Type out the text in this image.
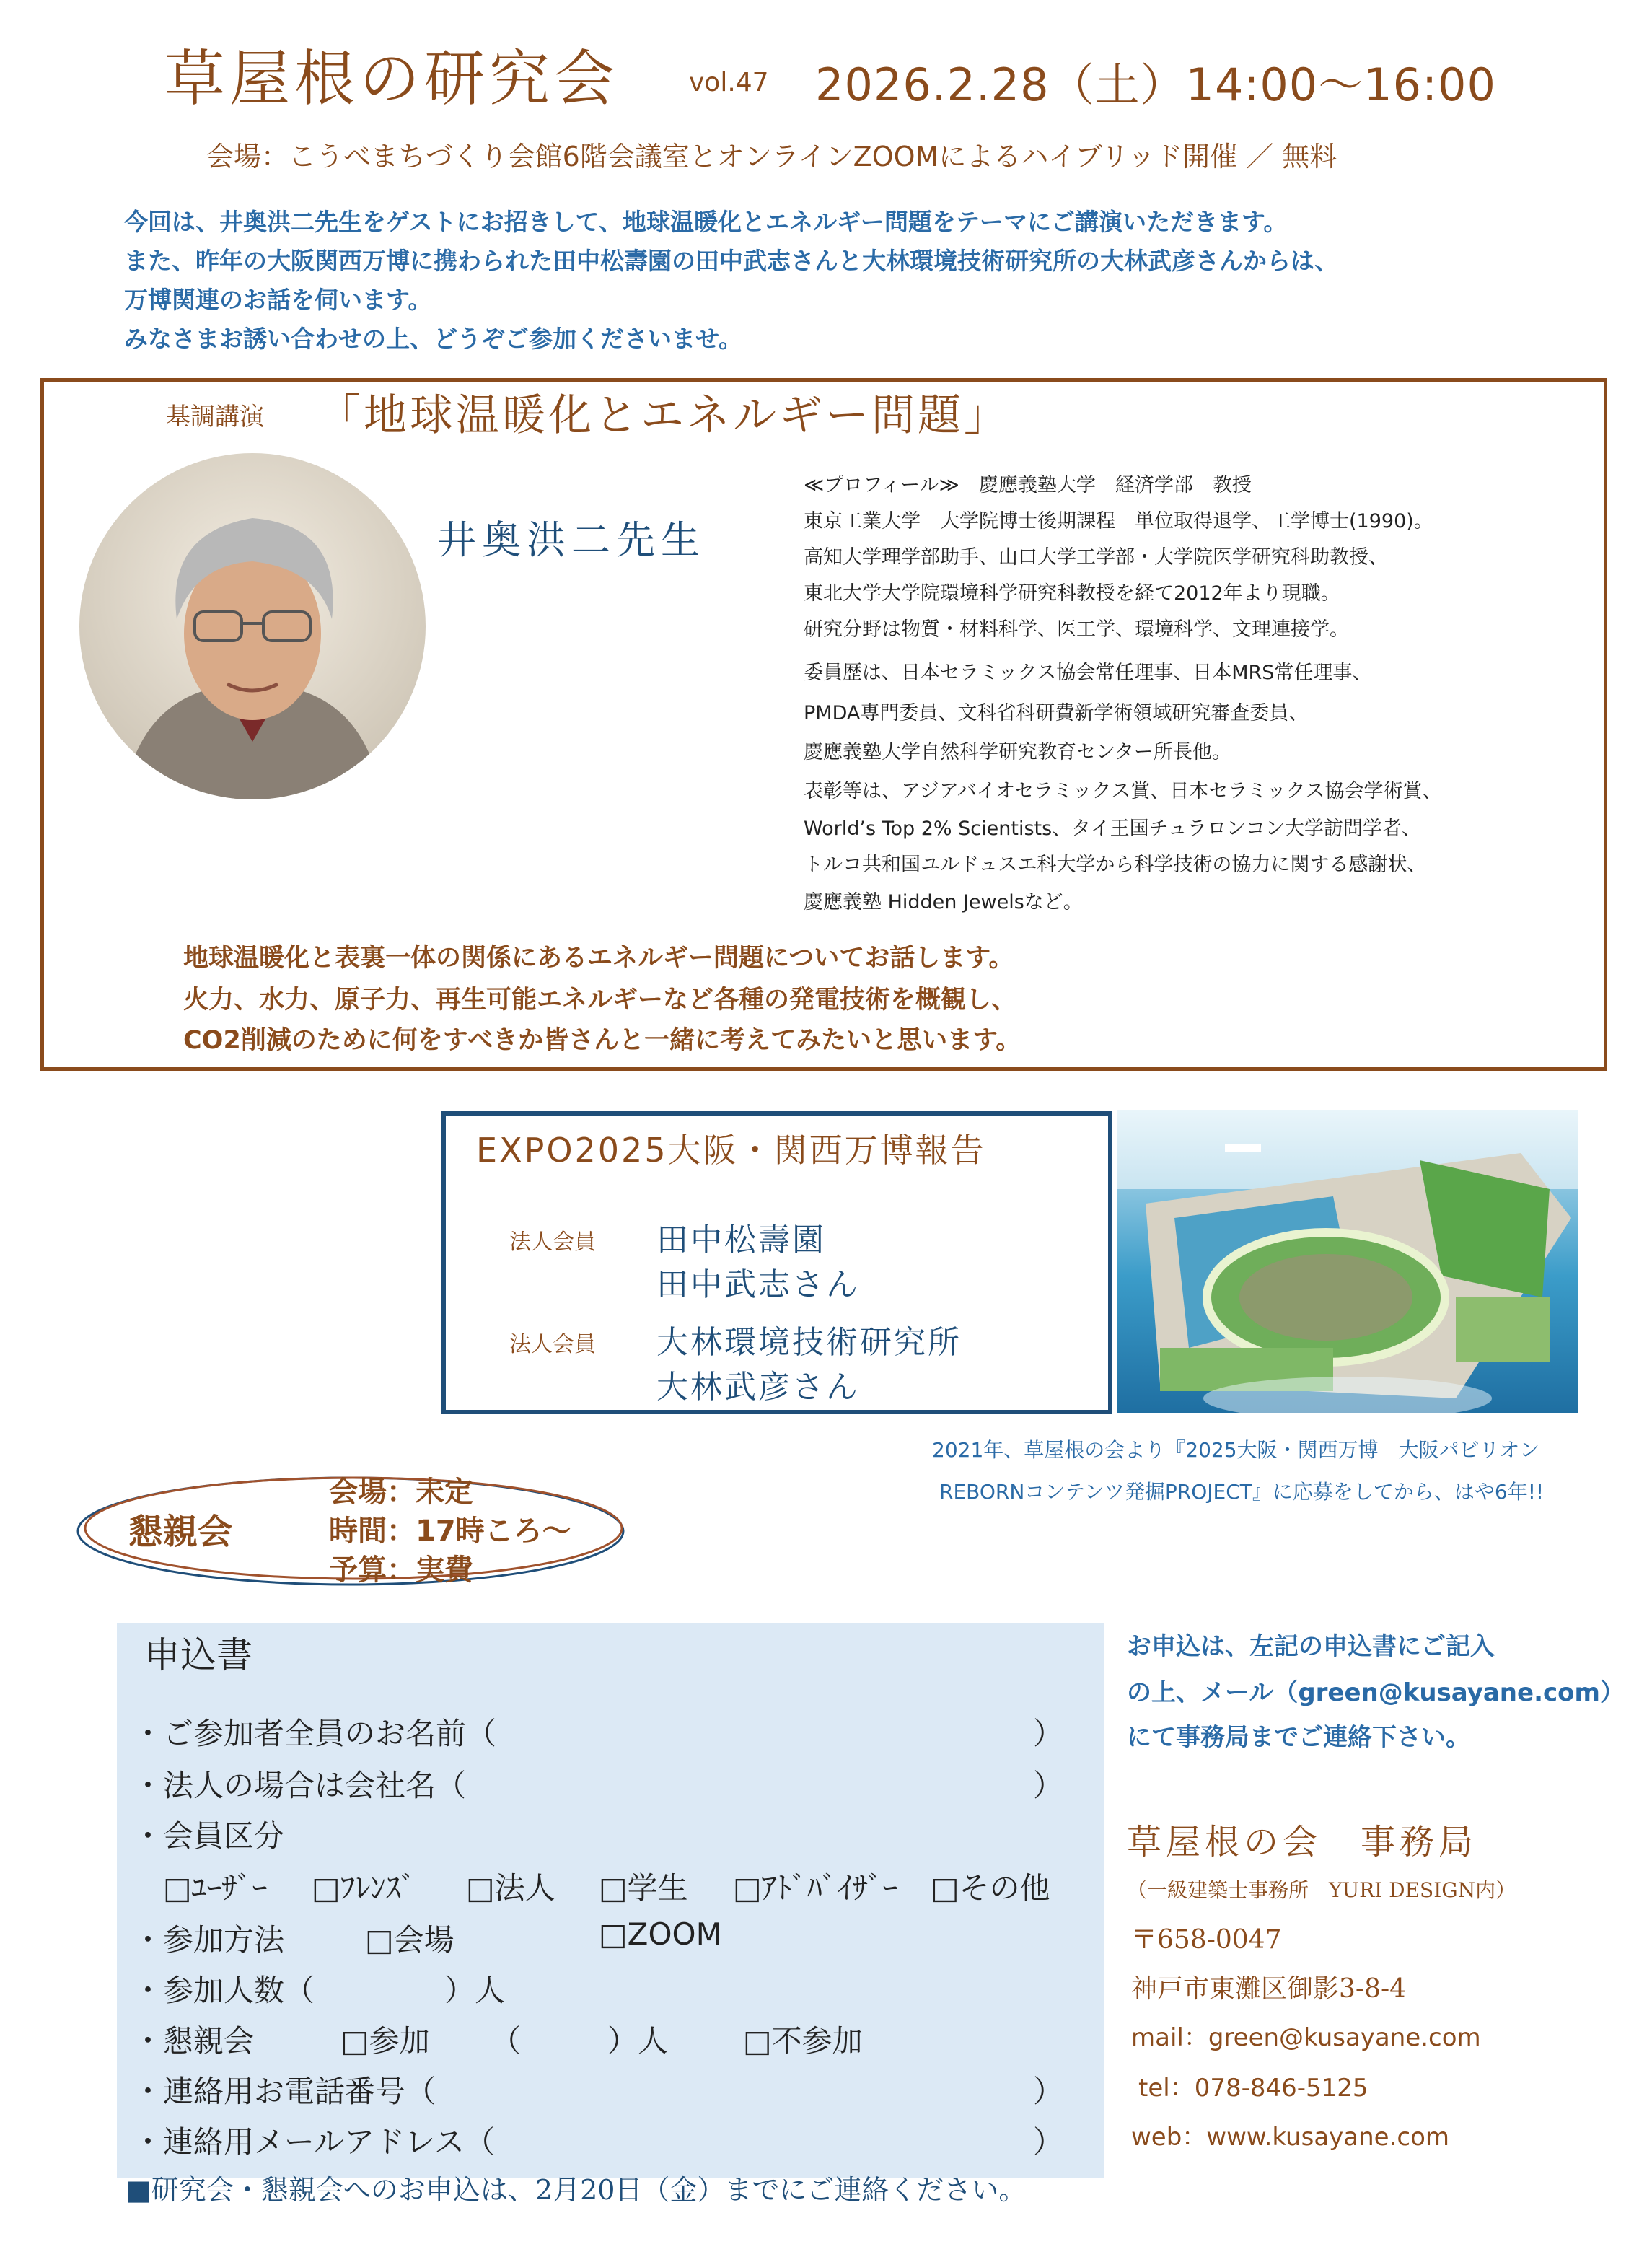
草屋根の研究会	vol.47 2026.2.28（土）14:00〜16:00
会場：こうべまちづくり会館6階会議室とオンラインZOOMによるハイブリッド開催 ／ 無料
今回は、井奥洪二先生をゲストにお招きして、地球温暖化とエネルギー問題をテーマにご講演いただきます。
また、昨年の大阪関西万博に携わられた田中松壽園の田中武志さんと大林環境技術研究所の大林武彦さんからは、
万博関連のお話を伺います。
みなさまお誘い合わせの上、どうぞご参加くださいませ。
基調講演 「地球温暖化とエネルギー問題」
井奥洪二先生
≪プロフィール≫　慶應義塾大学　経済学部　教授
東京工業大学　大学院博士後期課程　単位取得退学、工学博士(1990)。
高知大学理学部助手、山口大学工学部・大学院医学研究科助教授、
東北大学大学院環境科学研究科教授を経て2012年より現職。
研究分野は物質・材料科学、医工学、環境科学、文理連接学。
委員歴は、日本セラミックス協会常任理事、日本MRS常任理事、
PMDA専門委員、文科省科研費新学術領域研究審査委員、
慶應義塾大学自然科学研究教育センター所長他。
表彰等は、アジアバイオセラミックス賞、日本セラミックス協会学術賞、
World’s Top 2% Scientists、タイ王国チュラロンコン大学訪問学者、
トルコ共和国ユルドュスエ科大学から科学技術の協力に関する感謝状、
慶應義塾 Hidden Jewelsなど。
地球温暖化と表裏一体の関係にあるエネルギー問題についてお話します。
火力、水力、原子力、再生可能エネルギーなど各種の発電技術を概観し、
CO2削減のために何をすべきか皆さんと一緒に考えてみたいと思います。
EXPO2025大阪・関西万博報告
法人会員 田中松壽園
田中武志さん
法人会員 大林環境技術研究所
大林武彦さん
2021年、草屋根の会より『2025大阪・関西万博　大阪パビリオン
REBORNコンテンツ発掘PROJECT』に応募をしてから、はや6年!!
懇親会
会場：未定
時間：17時ころ〜
予算：実費
申込書
・ご参加者全員のお名前（	）
・法人の場合は会社名（	）
・会員区分
□ﾕｰｻﾞｰ □ﾌﾚﾝｽﾞ □法人 □学生 □ｱﾄﾞﾊﾞｲｻﾞｰ □その他
・参加方法	□会場	□ZOOM
・参加人数（	）人
・懇親会	□参加 （	）人 □不参加
・連絡用お電話番号（	）
・連絡用メールアドレス（	）
■研究会・懇親会へのお申込は、2月20日（金）までにご連絡ください。
お申込は、左記の申込書にご記入
の上、メール（green@kusayane.com）
にて事務局までご連絡下さい。
草屋根の会　事務局
（一級建築士事務所　YURI DESIGN内）
〒658-0047
神戸市東灘区御影3-8-4
mail：green@kusayane.com
tel：078-846-5125
web：www.kusayane.com
